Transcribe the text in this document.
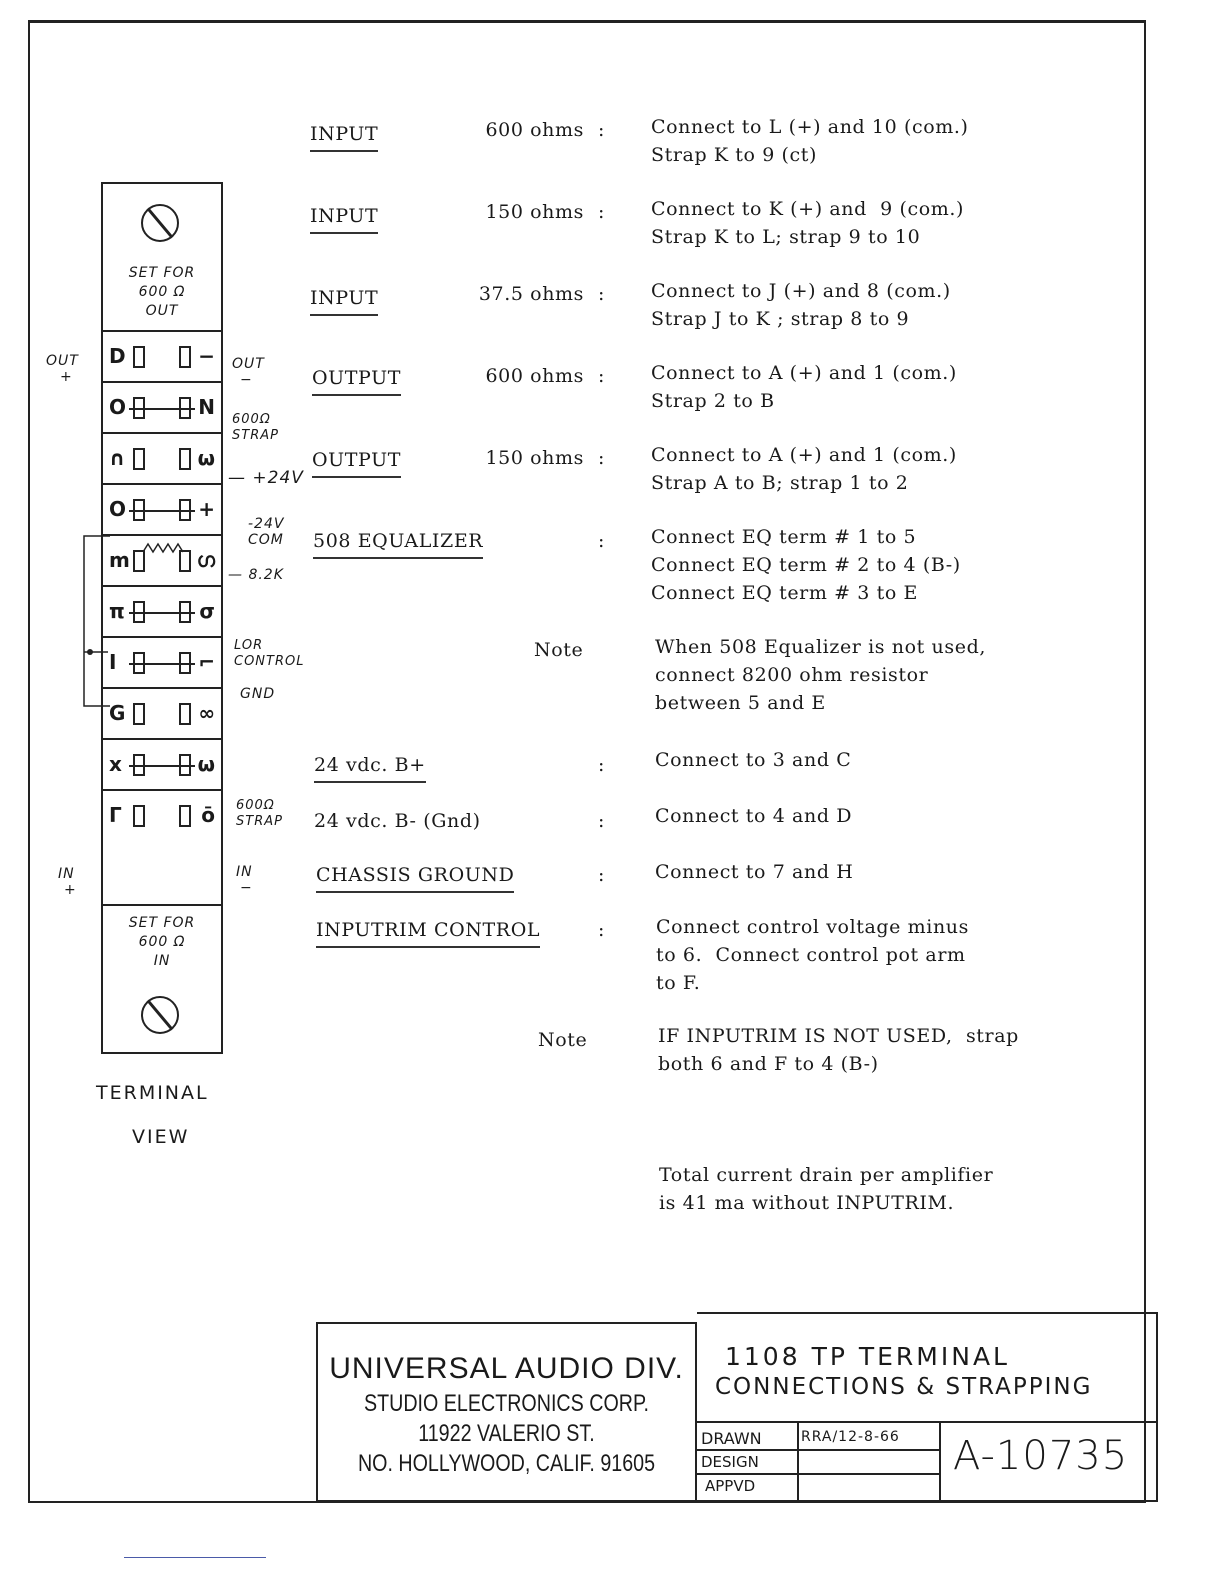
SET FOR
600 Ω
OUT
D	−
O	N
∩	ω
O	+
m	ഗ
π	σ
I	⌐
G	∞
x	ω
Γ	ō
SET FOR
600 Ω
IN
OUT
+
IN
+
OUT
−
600Ω
STRAP
— +24V
-24V
COM
— 8.2K
LOR
CONTROL
GND
600Ω
STRAP
IN
−
TERMINAL
VIEW
INPUT	600 ohms : Connect to L (+) and 10 (com.)
Strap K to 9 (ct)
INPUT	150 ohms : Connect to K (+) and  9 (com.)
Strap K to L; strap 9 to 10
INPUT	37.5 ohms : Connect to J (+) and 8 (com.)
Strap J to K ; strap 8 to 9
OUTPUT	600 ohms : Connect to A (+) and 1 (com.)
Strap 2 to B
OUTPUT	150 ohms : Connect to A (+) and 1 (com.)
Strap A to B; strap 1 to 2
508 EQUALIZER	: Connect EQ term # 1 to 5
Connect EQ term # 2 to 4 (B-)
Connect EQ term # 3 to E
Note	When 508 Equalizer is not used,
connect 8200 ohm resistor
between 5 and E
24 vdc. B+	:	Connect to 3 and C
24 vdc. B- (Gnd)	:	Connect to 4 and D
CHASSIS GROUND	:	Connect to 7 and H
INPUTRIM CONTROL	:	Connect control voltage minus
to 6.  Connect control pot arm
to F.
Note	IF INPUTRIM IS NOT USED,  strap
both 6 and F to 4 (B-)
Total current drain per amplifier
is 41 ma without INPUTRIM.
UNIVERSAL AUDIO DIV.
STUDIO ELECTRONICS CORP.
11922 VALERIO ST.
NO. HOLLYWOOD, CALIF. 91605
1108 TP TERMINAL
CONNECTIONS & STRAPPING
DRAWN	RRA/12-8-66
DESIGN
APPVD
A-10735
